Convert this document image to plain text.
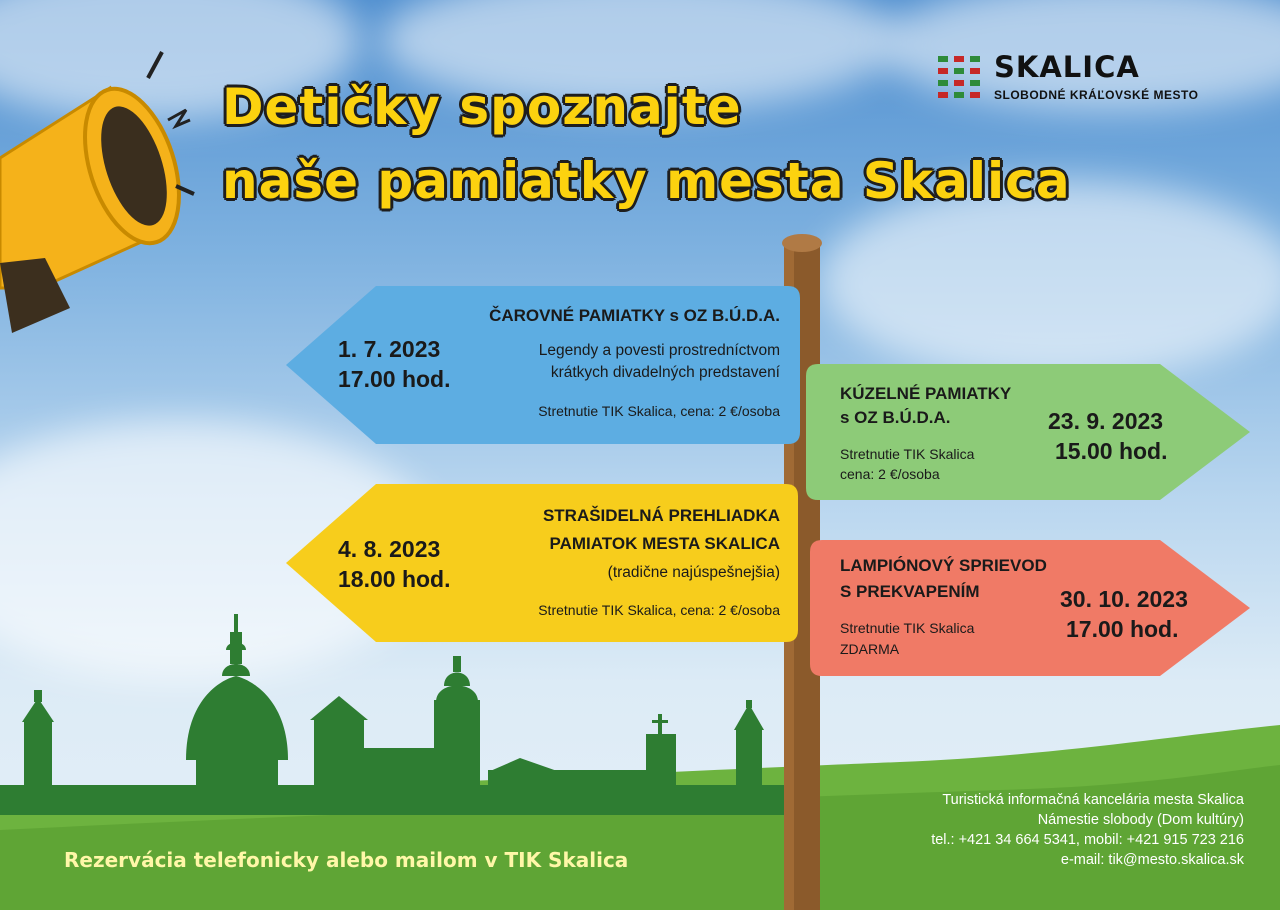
Detičky spoznajte
naše pamiatky mesta Skalica
SKALICA
SLOBODNÉ KRÁĽOVSKÉ MESTO
ČAROVNÉ PAMIATKY s OZ B.Ú.D.A.
Legendy a povesti prostredníctvom
krátkych divadelných predstavení
Stretnutie TIK Skalica, cena: 2 €/osoba
1. 7. 2023
17.00 hod.
KÚZELNÉ PAMIATKY
s OZ B.Ú.D.A.
Stretnutie TIK Skalica
cena: 2 €/osoba
23. 9. 2023
15.00 hod.
STRAŠIDELNÁ PREHLIADKA
PAMIATOK MESTA SKALICA
(tradične najúspešnejšia)
Stretnutie TIK Skalica, cena: 2 €/osoba
4. 8. 2023
18.00 hod.
LAMPIÓNOVÝ SPRIEVOD
S PREKVAPENÍM
Stretnutie TIK Skalica
ZDARMA
30. 10. 2023
17.00 hod.
Rezervácia telefonicky alebo mailom v TIK Skalica
Turistická informačná kancelária mesta Skalica
Námestie slobody (Dom kultúry)
tel.: +421 34 664 5341, mobil: +421 915 723 216
e-mail: tik@mesto.skalica.sk
